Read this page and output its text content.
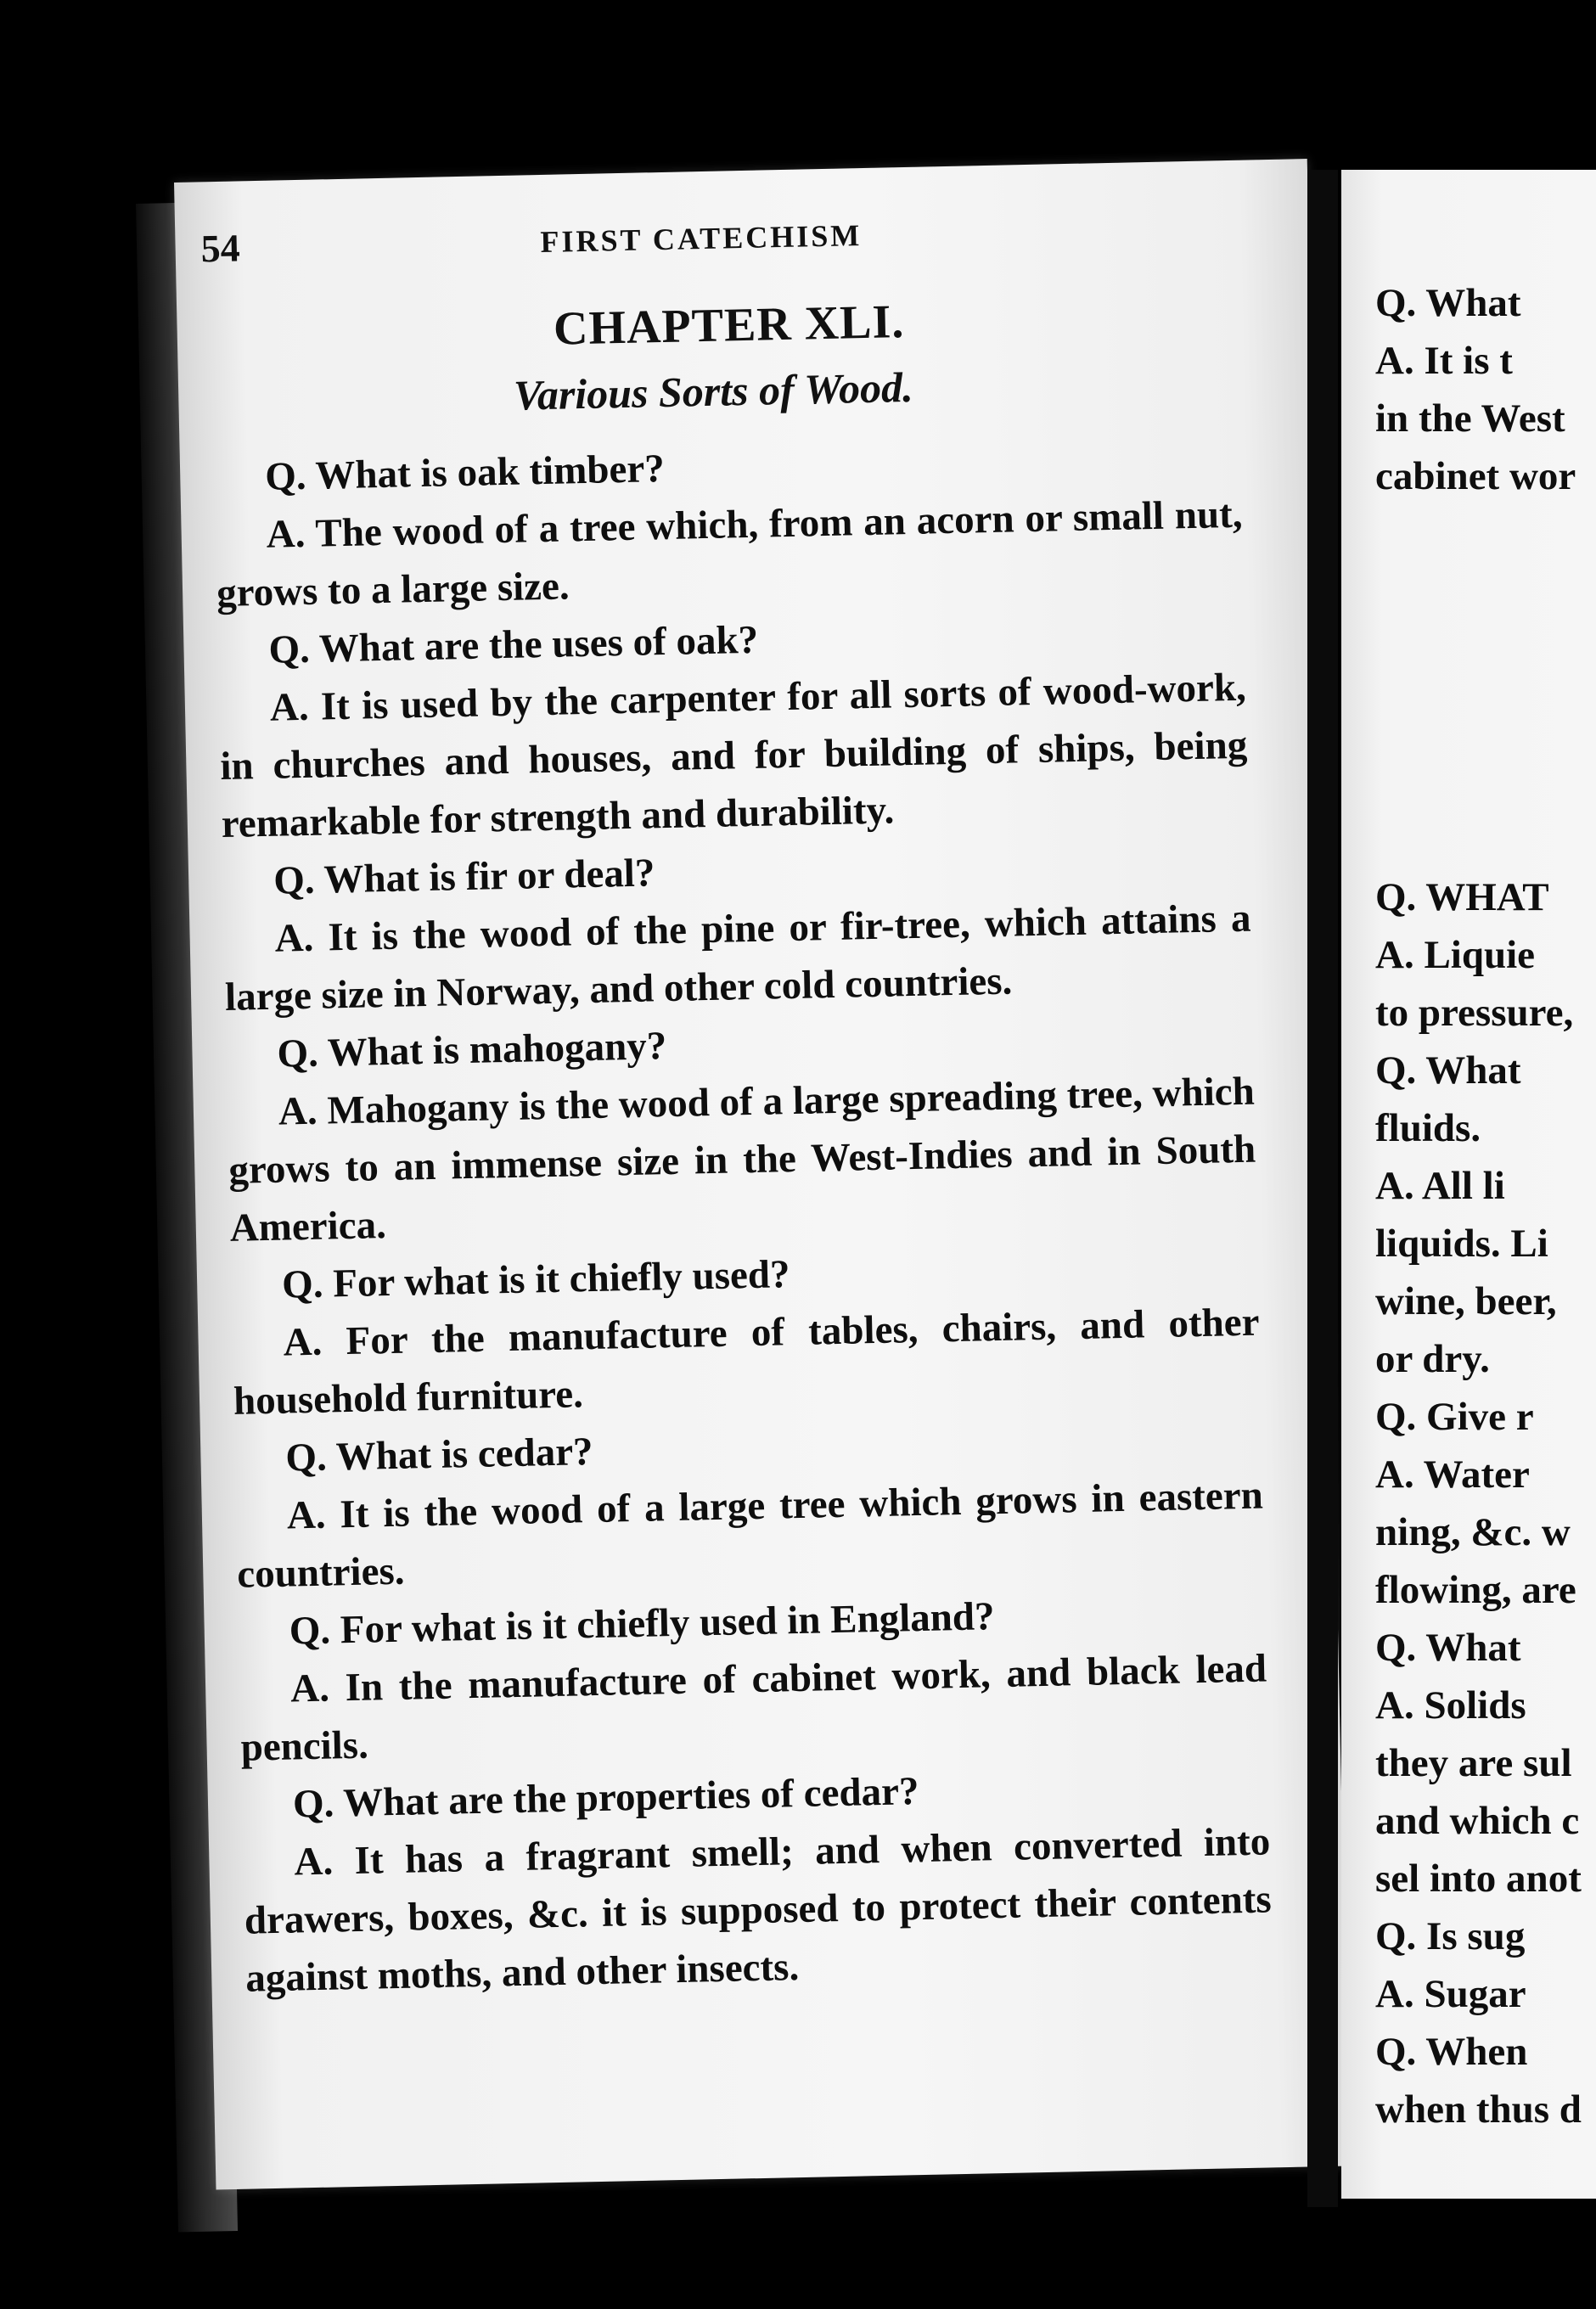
54	FIRST CATECHISM
CHAPTER XLI.
Various Sorts of Wood.

Q. What is oak timber?

A. The wood of a tree which, from an acorn or small nut, grows to a large size.

Q. What are the uses of oak?

A. It is used by the carpenter for all sorts of wood-work, in churches and houses, and for building of ships, being remarkable for strength and durability.

Q. What is fir or deal?

A. It is the wood of the pine or fir-tree, which attains a large size in Norway, and other cold countries.

Q. What is mahogany?

A. Mahogany is the wood of a large spreading tree, which grows to an immense size in the West-Indies and in South America.

Q. For what is it chiefly used?

A. For the manufacture of tables, chairs, and other household furniture.

Q. What is cedar?

A. It is the wood of a large tree which grows in eastern countries.

Q. For what is it chiefly used in England?

A. In the manufacture of cabinet work, and black lead pencils.

Q. What are the properties of cedar?

A. It has a fragrant smell; and when converted into drawers, boxes, &c. it is supposed to protect their contents against moths, and other insects.

Q. What
A. It is t
in the West
cabinet wor
Q. WHAT
A. Liquie
to pressure,
Q. What
fluids.
A. All li
liquids. Li
wine, beer,
or dry.
Q. Give r
A. Water
ning, &c. w
flowing, are
Q. What
A. Solids
they are sul
and which c
sel into anot
Q. Is sug
A. Sugar
Q. When
when thus d
